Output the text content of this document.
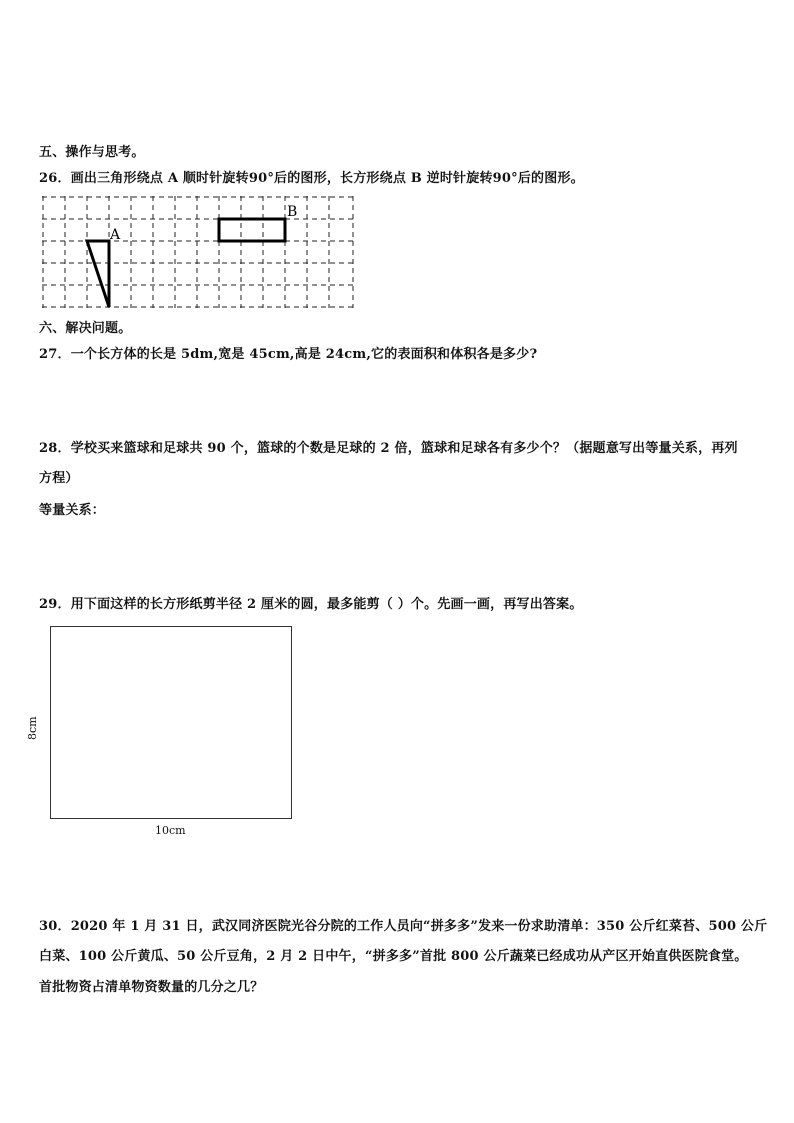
五、操作与思考。
26．画出三角形绕点 A 顺时针旋转90°后的图形，长方形绕点 B 逆时针旋转90°后的图形。
A
B
六、解决问题。
27．一个长方体的长是 5dm,宽是 45cm,高是 24cm,它的表面积和体积各是多少?
28．学校买来篮球和足球共 90 个，篮球的个数是足球的 2 倍，篮球和足球各有多少个？（据题意写出等量关系，再列
方程）
等量关系：
29．用下面这样的长方形纸剪半径 2 厘米的圆，最多能剪（ ）个。先画一画，再写出答案。
8cm
10cm
30．2020 年 1 月 31 日，武汉同济医院光谷分院的工作人员向“拼多多”发来一份求助清单：350 公斤红菜苔、500 公斤
白菜、100 公斤黄瓜、50 公斤豆角，2 月 2 日中午，“拼多多”首批 800 公斤蔬菜已经成功从产区开始直供医院食堂。
首批物资占清单物资数量的几分之几？
